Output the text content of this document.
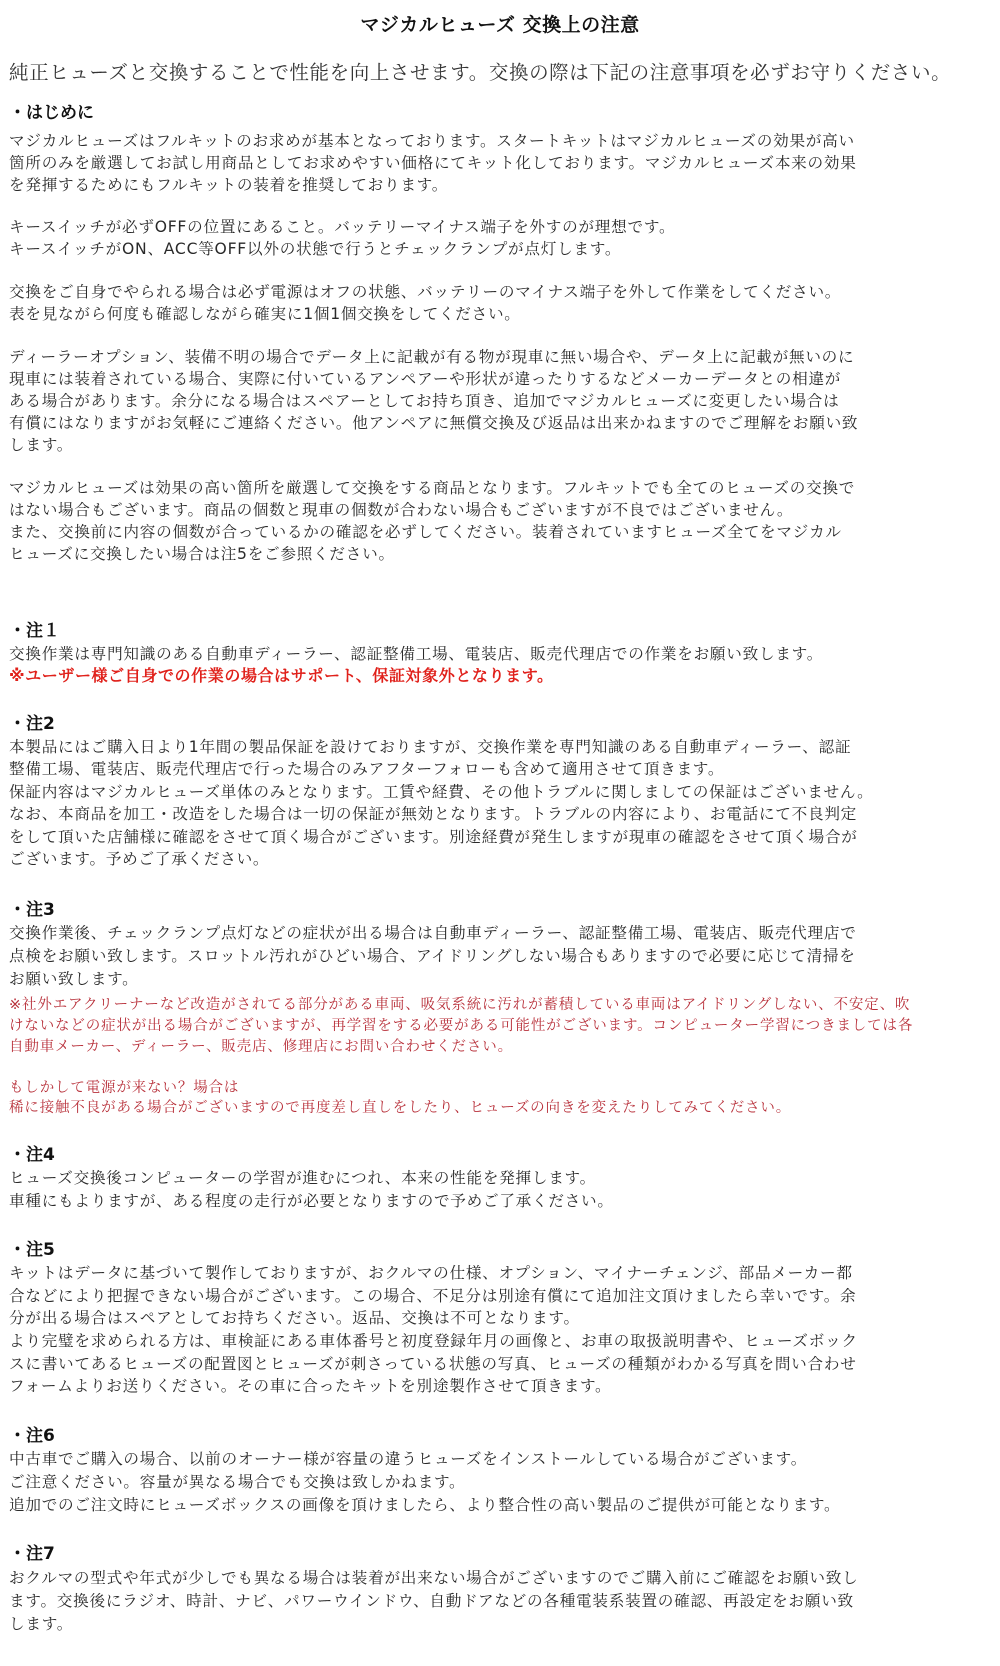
マジカルヒューズ 交換上の注意
純正ヒューズと交換することで性能を向上させます。交換の際は下記の注意事項を必ずお守りください。
・はじめに
マジカルヒューズはフルキットのお求めが基本となっております。スタートキットはマジカルヒューズの効果が高い
箇所のみを厳選してお試し用商品としてお求めやすい価格にてキット化しております。マジカルヒューズ本来の効果
を発揮するためにもフルキットの装着を推奨しております。
キースイッチが必ずOFFの位置にあること。バッテリーマイナス端子を外すのが理想です。
キースイッチがON、ACC等OFF以外の状態で行うとチェックランプが点灯します。
交換をご自身でやられる場合は必ず電源はオフの状態、バッテリーのマイナス端子を外して作業をしてください。
表を見ながら何度も確認しながら確実に1個1個交換をしてください。
ディーラーオプション、装備不明の場合でデータ上に記載が有る物が現車に無い場合や、データ上に記載が無いのに
現車には装着されている場合、実際に付いているアンペアーや形状が違ったりするなどメーカーデータとの相違が
ある場合があります。余分になる場合はスペアーとしてお持ち頂き、追加でマジカルヒューズに変更したい場合は
有償にはなりますがお気軽にご連絡ください。他アンペアに無償交換及び返品は出来かねますのでご理解をお願い致
します。
マジカルヒューズは効果の高い箇所を厳選して交換をする商品となります。フルキットでも全てのヒューズの交換で
はない場合もございます。商品の個数と現車の個数が合わない場合もございますが不良ではございません。
また、交換前に内容の個数が合っているかの確認を必ずしてください。装着されていますヒューズ全てをマジカル
ヒューズに交換したい場合は注5をご参照ください。
・注１
交換作業は専門知識のある自動車ディーラー、認証整備工場、電装店、販売代理店での作業をお願い致します。
※ユーザー様ご自身での作業の場合はサポート、保証対象外となります。
・注2
本製品にはご購入日より1年間の製品保証を設けておりますが、交換作業を専門知識のある自動車ディーラー、認証
整備工場、電装店、販売代理店で行った場合のみアフターフォローも含めて適用させて頂きます。
保証内容はマジカルヒューズ単体のみとなります。工賃や経費、その他トラブルに関しましての保証はございません。
なお、本商品を加工・改造をした場合は一切の保証が無効となります。トラブルの内容により、お電話にて不良判定
をして頂いた店舗様に確認をさせて頂く場合がございます。別途経費が発生しますが現車の確認をさせて頂く場合が
ございます。予めご了承ください。
・注3
交換作業後、チェックランプ点灯などの症状が出る場合は自動車ディーラー、認証整備工場、電装店、販売代理店で
点検をお願い致します。スロットル汚れがひどい場合、アイドリングしない場合もありますので必要に応じて清掃を
お願い致します。
※社外エアクリーナーなど改造がされてる部分がある車両、吸気系統に汚れが蓄積している車両はアイドリングしない、不安定、吹
けないなどの症状が出る場合がございますが、再学習をする必要がある可能性がございます。コンピューター学習につきましては各
自動車メーカー、ディーラー、販売店、修理店にお問い合わせください。
もしかして電源が来ない？場合は
稀に接触不良がある場合がございますので再度差し直しをしたり、ヒューズの向きを変えたりしてみてください。
・注4
ヒューズ交換後コンピューターの学習が進むにつれ、本来の性能を発揮します。
車種にもよりますが、ある程度の走行が必要となりますので予めご了承ください。
・注5
キットはデータに基づいて製作しておりますが、おクルマの仕様、オプション、マイナーチェンジ、部品メーカー都
合などにより把握できない場合がございます。この場合、不足分は別途有償にて追加注文頂けましたら幸いです。余
分が出る場合はスペアとしてお持ちください。返品、交換は不可となります。
より完璧を求められる方は、車検証にある車体番号と初度登録年月の画像と、お車の取扱説明書や、ヒューズボック
スに書いてあるヒューズの配置図とヒューズが刺さっている状態の写真、ヒューズの種類がわかる写真を問い合わせ
フォームよりお送りください。その車に合ったキットを別途製作させて頂きます。
・注6
中古車でご購入の場合、以前のオーナー様が容量の違うヒューズをインストールしている場合がございます。
ご注意ください。容量が異なる場合でも交換は致しかねます。
追加でのご注文時にヒューズボックスの画像を頂けましたら、より整合性の高い製品のご提供が可能となります。
・注7
おクルマの型式や年式が少しでも異なる場合は装着が出来ない場合がございますのでご購入前にご確認をお願い致し
ます。交換後にラジオ、時計、ナビ、パワーウインドウ、自動ドアなどの各種電装系装置の確認、再設定をお願い致
します。
